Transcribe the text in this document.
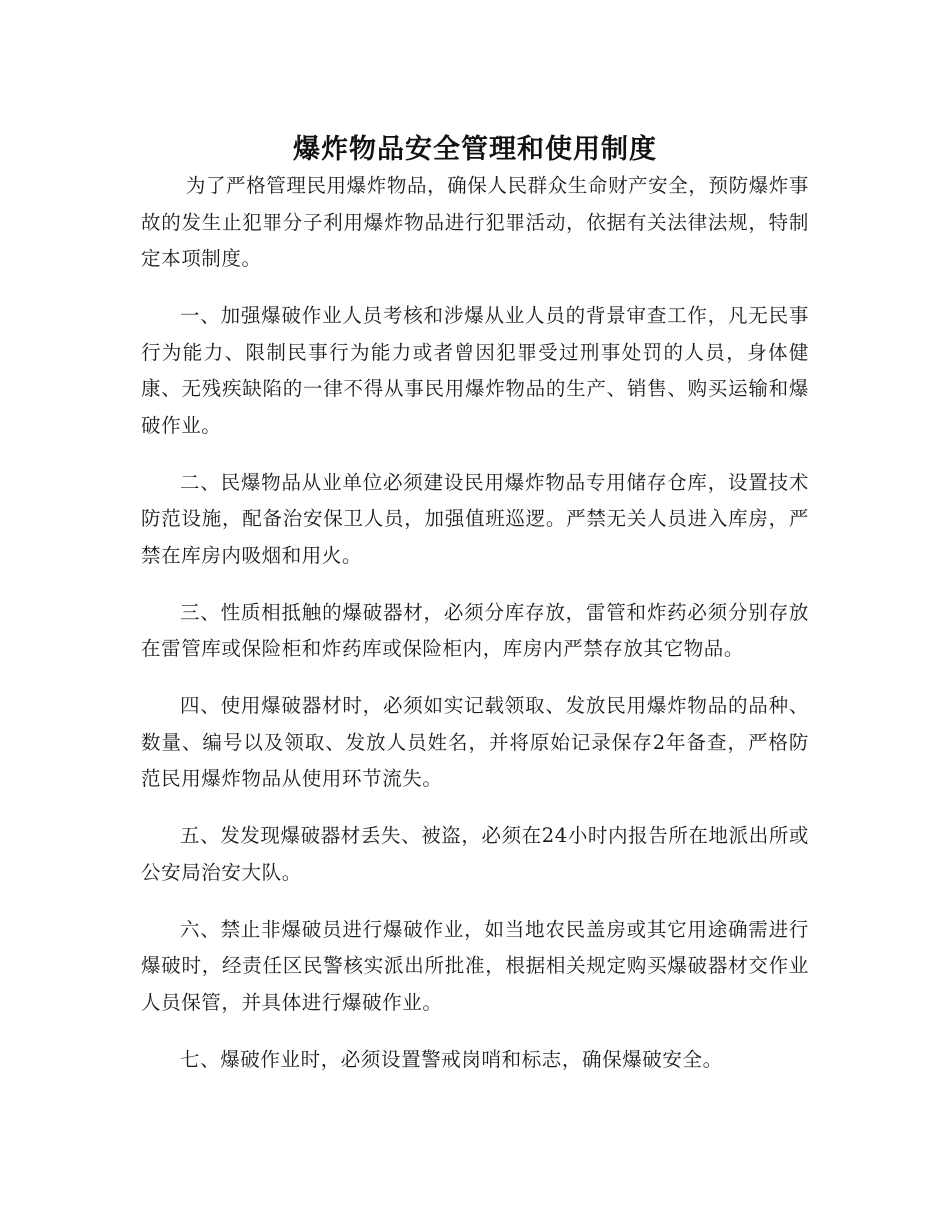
爆炸物品安全管理和使用制度

为了严格管理民用爆炸物品，确保人民群众生命财产安全，预防爆炸事故的发生止犯罪分子利用爆炸物品进行犯罪活动，依据有关法律法规，特制定本项制度。

一、加强爆破作业人员考核和涉爆从业人员的背景审查工作，凡无民事行为能力、限制民事行为能力或者曾因犯罪受过刑事处罚的人员，身体健康、无残疾缺陷的一律不得从事民用爆炸物品的生产、销售、购买运输和爆破作业。

二、民爆物品从业单位必须建设民用爆炸物品专用储存仓库，设置技术防范设施，配备治安保卫人员，加强值班巡逻。严禁无关人员进入库房，严禁在库房内吸烟和用火。

三、性质相抵触的爆破器材，必须分库存放，雷管和炸药必须分别存放在雷管库或保险柜和炸药库或保险柜内，库房内严禁存放其它物品。

四、使用爆破器材时，必须如实记载领取、发放民用爆炸物品的品种、数量、编号以及领取、发放人员姓名，并将原始记录保存2年备查，严格防范民用爆炸物品从使用环节流失。

五、发发现爆破器材丢失、被盗，必须在24小时内报告所在地派出所或公安局治安大队。

六、禁止非爆破员进行爆破作业，如当地农民盖房或其它用途确需进行爆破时，经责任区民警核实派出所批准，根据相关规定购买爆破器材交作业人员保管，并具体进行爆破作业。

七、爆破作业时，必须设置警戒岗哨和标志，确保爆破安全。
